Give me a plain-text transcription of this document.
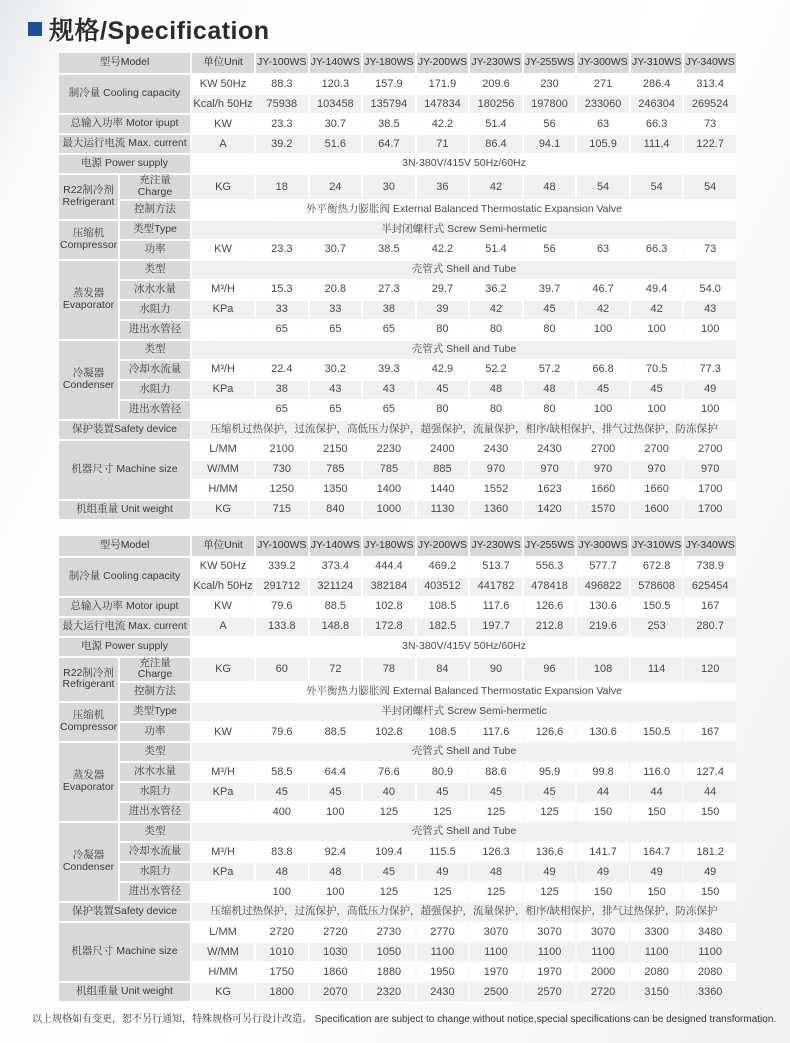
规格/Specification
型号Model		单位Unit	JY-100WS	JY-140WS	JY-180WS	JY-200WS	JY-230WS	JY-255WS	JY-300WS	JY-310WS	JY-340WS
制冷量 Cooling capacity		KW 50Hz	88.3	120.3	157.9	171.9	209.6	230	271	286.4	313.4
		Kcal/h 50Hz	75938	103458	135794	147834	180256	197800	233060	246304	269524
总输入功率 Motor ipupt		KW	23.3	30.7	38.5	42.2	51.4	56	63	66.3	73
最大运行电流 Max. current		A	39.2	51.6	64.7	71	86.4	94.1	105.9	111.4	122.7
电源 Power supply		3N-380V/415V 50Hz/60Hz									
R22制冷剂 Refrigerant	充注量 Charge	KG	18	24	30	36	42	48	54	54	54
	控制方法	外平衡热力膨胀阀 External Balanced Thermostatic Expansion Valve									
压缩机 Compressor	类型Type	半封闭螺杆式 Screw Semi-hermetic									
	功率	KW	23.3	30.7	38.5	42.2	51.4	56	63	66.3	73
蒸发器 Evaporator	类型	壳管式 Shell and Tube									
	冰水水量	M³/H	15.3	20.8	27.3	29.7	36.2	39.7	46.7	49.4	54.0
	水阻力	KPa	33	33	38	39	42	45	42	42	43
	进出水管径		65	65	65	80	80	80	100	100	100
冷凝器 Condenser	类型	壳管式 Shell and Tube									
	冷却水流量	M³/H	22.4	30.2	39.3	42.9	52.2	57.2	66.8	70.5	77.3
	水阻力	KPa	38	43	43	45	48	48	45	45	49
	进出水管径		65	65	65	80	80	80	100	100	100
保护装置Safety device		压缩机过热保护，过流保护，高低压力保护，超强保护，流量保护，相序/缺相保护，排气过热保护，防冻保护									
机器尺寸 Machine size		L/MM	2100	2150	2230	2400	2430	2430	2700	2700	2700
		W/MM	730	785	785	885	970	970	970	970	970
		H/MM	1250	1350	1400	1440	1552	1623	1660	1660	1700
机组重量 Unit weight		KG	715	840	1000	1130	1360	1420	1570	1600	1700
型号Model		单位Unit	JY-100WS	JY-140WS	JY-180WS	JY-200WS	JY-230WS	JY-255WS	JY-300WS	JY-310WS	JY-340WS
制冷量 Cooling capacity		KW 50Hz	339.2	373.4	444.4	469.2	513.7	556.3	577.7	672.8	738.9
		Kcal/h 50Hz	291712	321124	382184	403512	441782	478418	496822	578608	625454
总输入功率 Motor ipupt		KW	79.6	88.5	102.8	108.5	117.6	126.6	130.6	150.5	167
最大运行电流 Max. current		A	133.8	148.8	172.8	182.5	197.7	212.8	219.6	253	280.7
电源 Power supply		3N-380V/415V 50Hz/60Hz									
R22制冷剂 Refrigerant	充注量 Charge	KG	60	72	78	84	90	96	108	114	120
	控制方法	外平衡热力膨胀阀 External Balanced Thermostatic Expansion Valve									
压缩机 Compressor	类型Type	半封闭螺杆式 Screw Semi-hermetic									
	功率	KW	79.6	88.5	102.8	108.5	117.6	126.6	130.6	150.5	167
蒸发器 Evaporator	类型	壳管式 Shell and Tube									
	冰水水量	M³/H	58.5	64.4	76.6	80.9	88.6	95.9	99.8	116.0	127.4
	水阻力	KPa	45	45	40	45	45	45	44	44	44
	进出水管径		400	100	125	125	125	125	150	150	150
冷凝器 Condenser	类型	壳管式 Shell and Tube									
	冷却水流量	M³/H	83.8	92.4	109.4	115.5	126.3	136.6	141.7	164.7	181.2
	水阻力	KPa	48	48	45	49	48	49	49	49	49
	进出水管径		100	100	125	125	125	125	150	150	150
保护装置Safety device		压缩机过热保护，过流保护，高低压力保护，超强保护，流量保护，相序/缺相保护，排气过热保护，防冻保护									
机器尺寸 Machine size		L/MM	2720	2720	2730	2770	3070	3070	3070	3300	3480
		W/MM	1010	1030	1050	1100	1100	1100	1100	1100	1100
		H/MM	1750	1860	1880	1950	1970	1970	2000	2080	2080
机组重量 Unit weight		KG	1800	2070	2320	2430	2500	2570	2720	3150	3360
以上规格如有变更，恕不另行通知，特殊规格可另行设计改造。 Specification are subject to change without notice,special specifications can be designed transformation.
